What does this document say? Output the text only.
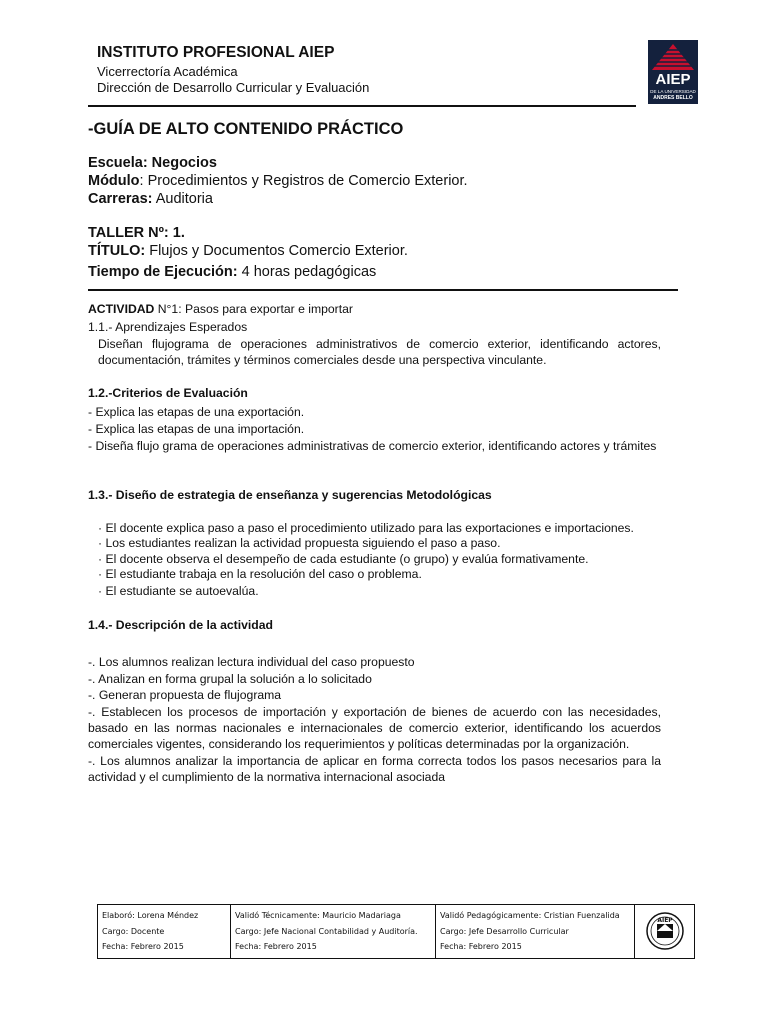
INSTITUTO PROFESIONAL AIEP
Vicerrectoría Académica
Dirección de Desarrollo Curricular y Evaluación	AIEP
DE LA UNIVERSIDAD
ANDRES BELLO
-GUÍA DE ALTO CONTENIDO PRÁCTICO
Escuela: Negocios
Módulo: Procedimientos y Registros de Comercio Exterior.
Carreras: Auditoria
TALLER Nº: 1.
TÍTULO: Flujos y Documentos Comercio Exterior.
Tiempo de Ejecución: 4 horas pedagógicas
ACTIVIDAD N°1: Pasos para exportar e importar
1.1.- Aprendizajes Esperados
Diseñan flujograma de operaciones administrativos de comercio exterior, identificando actores, documentación, trámites y términos comerciales desde una perspectiva vinculante.
1.2.-Criterios de Evaluación
- Explica las etapas de una exportación.
- Explica las etapas de una importación.
- Diseña flujo grama de operaciones administrativas de comercio exterior, identificando actores y trámites
1.3.- Diseño de estrategia de enseñanza y sugerencias Metodológicas
· El docente explica paso a paso el procedimiento utilizado para las exportaciones e importaciones.
· Los estudiantes realizan la actividad propuesta siguiendo el paso a paso.
· El docente observa el desempeño de cada estudiante (o grupo) y evalúa formativamente.
· El estudiante trabaja en la resolución del caso o problema.
· El estudiante se autoevalúa.
1.4.- Descripción de la actividad
-. Los alumnos realizan lectura individual del caso propuesto
-. Analizan en forma grupal la solución a lo solicitado
-. Generan propuesta de flujograma
-. Establecen los procesos de importación y exportación de bienes de acuerdo con las necesidades, basado en las normas nacionales e internacionales de comercio exterior, identificando los acuerdos comerciales vigentes, considerando los requerimientos y políticas determinadas por la organización.
-. Los alumnos analizar la importancia de aplicar en forma correcta todos los pasos necesarios para la actividad y el cumplimiento de la normativa internacional asociada
Elaboró: Lorena Méndez
Cargo: Docente
Fecha: Febrero 2015

Validó Técnicamente: Mauricio Madariaga
Cargo: Jefe Nacional Contabilidad y Auditoría.
Fecha: Febrero 2015

Validó Pedagógicamente: Cristian Fuenzalida
Cargo: Jefe Desarrollo Curricular
Fecha: Febrero 2015

AIEP
